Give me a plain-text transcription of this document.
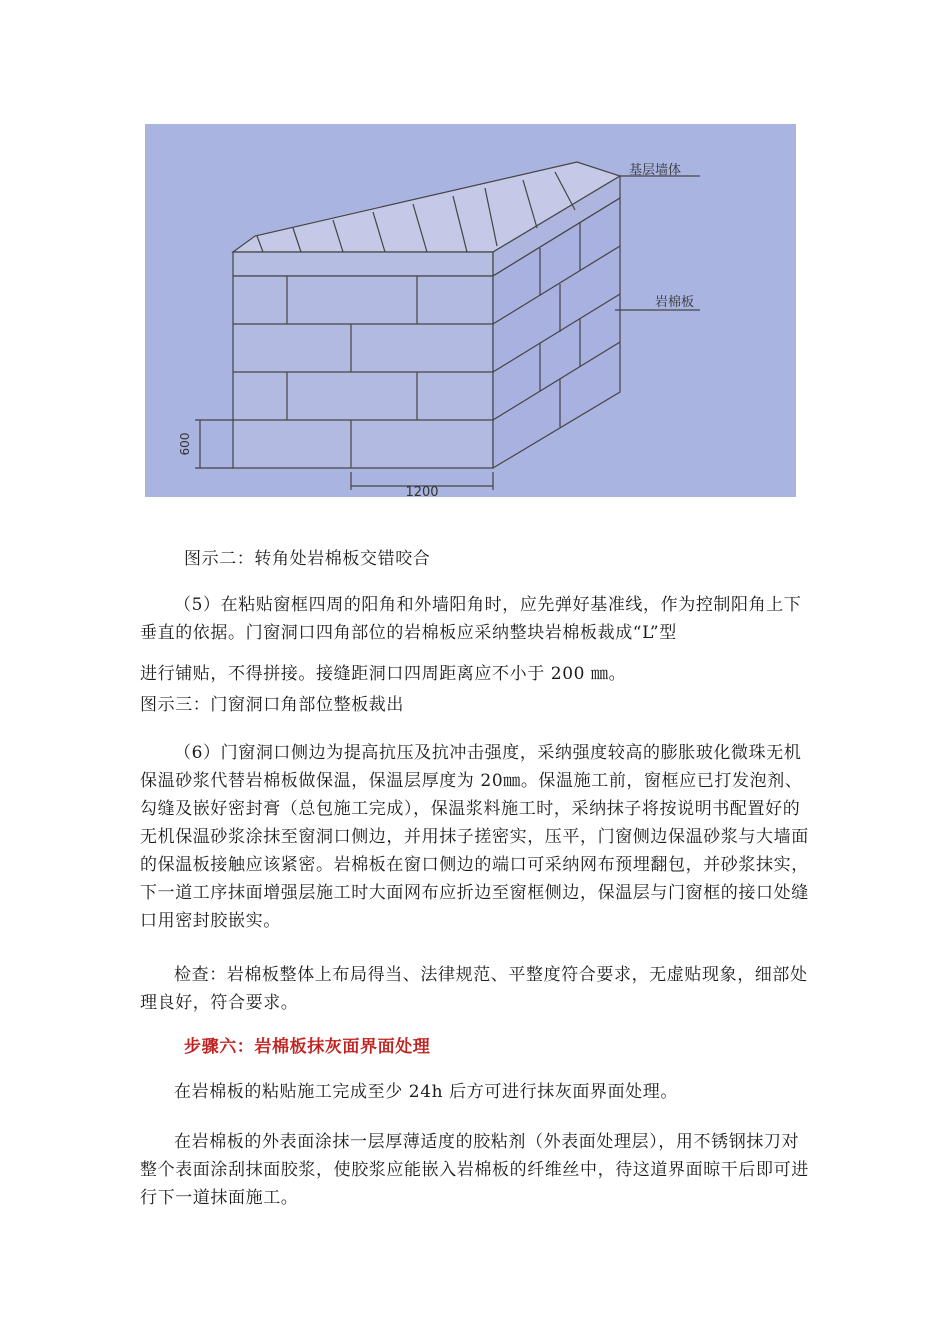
基层墙体
岩棉板
600
1200

图示二：转角处岩棉板交错咬合

（5）在粘贴窗框四周的阳角和外墙阳角时，应先弹好基准线，作为控制阳角上下垂直的依据。门窗洞口四角部位的岩棉板应采纳整块岩棉板裁成“L”型

进行铺贴，不得拼接。接缝距洞口四周距离应不小于 200 ㎜。

图示三：门窗洞口角部位整板裁出

（6）门窗洞口侧边为提高抗压及抗冲击强度，采纳强度较高的膨胀玻化微珠无机保温砂浆代替岩棉板做保温，保温层厚度为 20㎜。保温施工前，窗框应已打发泡剂、勾缝及嵌好密封膏（总包施工完成），保温浆料施工时，采纳抹子将按说明书配置好的无机保温砂浆涂抹至窗洞口侧边，并用抹子搓密实，压平，门窗侧边保温砂浆与大墙面的保温板接触应该紧密。岩棉板在窗口侧边的端口可采纳网布预埋翻包，并砂浆抹实，下一道工序抹面增强层施工时大面网布应折边至窗框侧边，保温层与门窗框的接口处缝口用密封胶嵌实。

检查：岩棉板整体上布局得当、法律规范、平整度符合要求，无虚贴现象，细部处理良好，符合要求。

步骤六：岩棉板抹灰面界面处理

在岩棉板的粘贴施工完成至少 24h 后方可进行抹灰面界面处理。

在岩棉板的外表面涂抹一层厚薄适度的胶粘剂（外表面处理层），用不锈钢抹刀对整个表面涂刮抹面胶浆，使胶浆应能嵌入岩棉板的纤维丝中，待这道界面晾干后即可进行下一道抹面施工。
